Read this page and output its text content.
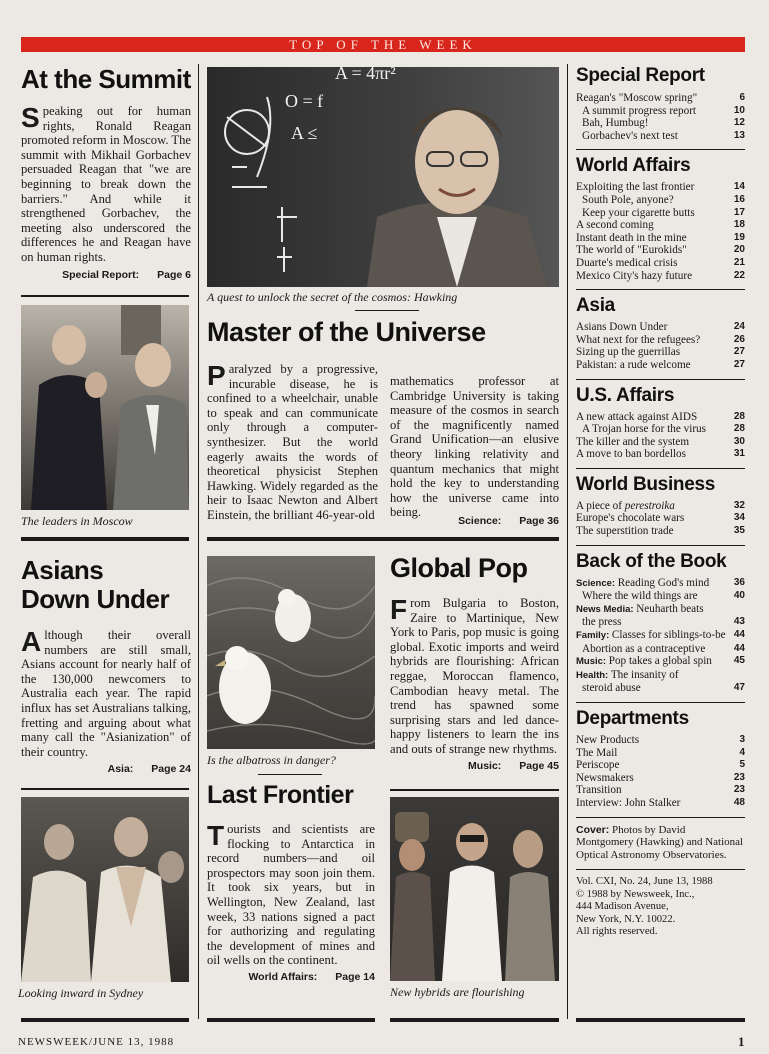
TOP OF THE WEEK
At the Summit
Speaking out for human rights, Ronald Reagan promoted reform in Moscow. The summit with Mikhail Gorbachev persuaded Reagan that "we are beginning to break down the barriers." And while it strengthened Gorbachev, the meeting also underscored the differences he and Reagan have on human rights.
Special Report: Page 6
The leaders in Moscow
Asians
Down Under
Although their overall numbers are still small, Asians account for nearly half of the 130,000 newcomers to Australia each year. The rapid influx has set Australians talking, fretting and arguing about what many call the "Asianization" of their country.
Asia: Page 24
Looking inward in Sydney
O = f
A ≤
A = 4πr²
A quest to unlock the secret of the cosmos: Hawking
Master of the Universe
Paralyzed by a progressive, incurable disease, he is confined to a wheelchair, unable to speak and can communicate only through a computer-synthesizer. But the world eagerly awaits the words of theoretical physicist Stephen Hawking. Widely regarded as the heir to Isaac Newton and Albert Einstein, the brilliant 46-year-old
mathematics professor at Cambridge University is taking measure of the cosmos in search of the magnificently named Grand Unification—an elusive theory linking relativity and quantum mechanics that might hold the key to understanding how the universe came into being.
Science: Page 36
Is the albatross in danger?
Last Frontier
Tourists and scientists are flocking to Antarctica in record numbers—and oil prospectors may soon join them. It took six years, but in Wellington, New Zealand, last week, 33 nations signed a pact for authorizing and regulating the development of mines and oil wells on the continent.
World Affairs: Page 14
Global Pop
From Bulgaria to Boston, Zaire to Martinique, New York to Paris, pop music is going global. Exotic imports and weird hybrids are flourishing: African reggae, Moroccan flamenco, Cambodian heavy metal. The trend has spawned some surprising stars and led dance-happy listeners to learn the ins and outs of strange new rhythms.
Music: Page 45
New hybrids are flourishing
Special Report
Reagan's "Moscow spring"	6
A summit progress report	10
Bah, Humbug!	12
Gorbachev's next test	13
World Affairs
Exploiting the last frontier	14
South Pole, anyone?	16
Keep your cigarette butts	17
A second coming	18
Instant death in the mine	19
The world of "Eurokids"	20
Duarte's medical crisis	21
Mexico City's hazy future	22
Asia
Asians Down Under	24
What next for the refugees?	26
Sizing up the guerrillas	27
Pakistan: a rude welcome	27
U.S. Affairs
A new attack against AIDS	28
A Trojan horse for the virus	28
The killer and the system	30
A move to ban bordellos	31
World Business
A piece of perestroika	32
Europe's chocolate wars	34
The superstition trade	35
Back of the Book
Science: Reading God's mind 36
Where the wild things are	40
News Media: Neuharth beats
the press	43
Family: Classes for siblings-to-be 44
Abortion as a contraceptive	44
Music: Pop takes a global spin 45
Health: The insanity of
steroid abuse	47
Departments
New Products	3
The Mail	4
Periscope	5
Newsmakers	23
Transition	23
Interview: John Stalker	48
Cover: Photos by David Montgomery (Hawking) and National Optical Astronomy Observatories.
Vol. CXI, No. 24, June 13, 1988
© 1988 by Newsweek, Inc.,
444 Madison Avenue,
New York, N.Y. 10022.
All rights reserved.
NEWSWEEK/JUNE 13, 1988	1
